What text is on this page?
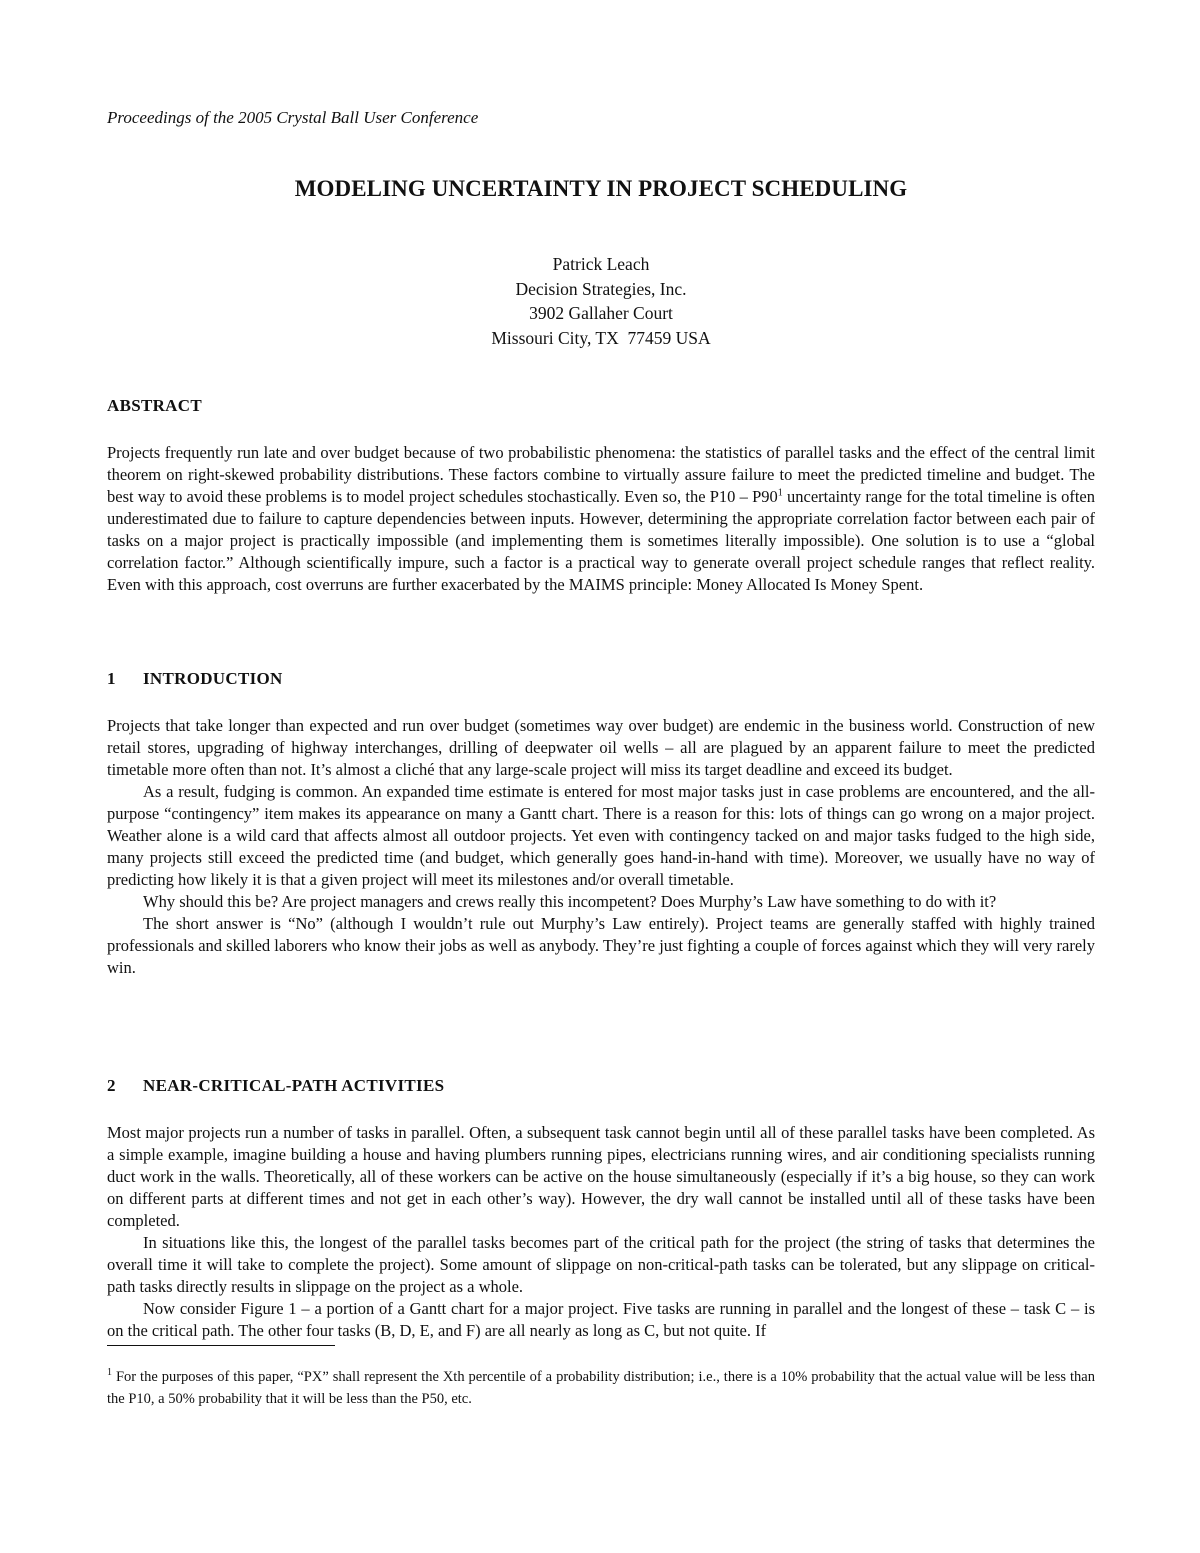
Proceedings of the 2005 Crystal Ball User Conference
MODELING UNCERTAINTY IN PROJECT SCHEDULING
Patrick Leach
Decision Strategies, Inc.
3902 Gallaher Court
Missouri City, TX  77459 USA
ABSTRACT

Projects frequently run late and over budget because of two probabilistic phenomena: the statistics of parallel tasks and the effect of the central limit theorem on right-skewed probability distributions. These factors combine to virtually assure failure to meet the predicted timeline and budget. The best way to avoid these problems is to model project schedules stochastically. Even so, the $P10 - P90^1$ uncertainty range for the total timeline is often underestimated due to failure to capture dependencies between inputs. However, determining the appropriate correlation factor between each pair of tasks on a major project is practically impossible (and implementing them is sometimes literally impossible). One solution is to use a “global correlation factor.” Although scientifically impure, such a factor is a practical way to generate overall project schedule ranges that reflect reality. Even with this approach, cost overruns are further exacerbated by the MAIMS principle: Money Allocated Is Money Spent.

1 INTRODUCTION

Projects that take longer than expected and run over budget (sometimes way over budget) are endemic in the business world. Construction of new retail stores, upgrading of highway interchanges, drilling of deepwater oil wells – all are plagued by an apparent failure to meet the predicted timetable more often than not. It’s almost a cliché that any large-scale project will miss its target deadline and exceed its budget.

As a result, fudging is common. An expanded time estimate is entered for most major tasks just in case problems are encountered, and the all-purpose “contingency” item makes its appearance on many a Gantt chart. There is a reason for this: lots of things can go wrong on a major project. Weather alone is a wild card that affects almost all outdoor projects. Yet even with contingency tacked on and major tasks fudged to the high side, many projects still exceed the predicted time (and budget, which generally goes hand-in-hand with time). Moreover, we usually have no way of predicting how likely it is that a given project will meet its milestones and/or overall timetable.

Why should this be? Are project managers and crews really this incompetent? Does Murphy’s Law have something to do with it?

The short answer is “No” (although I wouldn’t rule out Murphy’s Law entirely). Project teams are generally staffed with highly trained professionals and skilled laborers who know their jobs as well as anybody. They’re just fighting a couple of forces against which they will very rarely win.

2 NEAR-CRITICAL-PATH ACTIVITIES

Most major projects run a number of tasks in parallel. Often, a subsequent task cannot begin until all of these parallel tasks have been completed. As a simple example, imagine building a house and having plumbers running pipes, electricians running wires, and air conditioning specialists running duct work in the walls. Theoretically, all of these workers can be active on the house simultaneously (especially if it’s a big house, so they can work on different parts at different times and not get in each other’s way). However, the dry wall cannot be installed until all of these tasks have been completed.

In situations like this, the longest of the parallel tasks becomes part of the critical path for the project (the string of tasks that determines the overall time it will take to complete the project). Some amount of slippage on non-critical-path tasks can be tolerated, but any slippage on critical-path tasks directly results in slippage on the project as a whole.

Now consider Figure 1 – a portion of a Gantt chart for a major project. Five tasks are running in parallel and the longest of these – task C – is on the critical path. The other four tasks (B, D, E, and F) are all nearly as long as C, but not quite. If

$^1$ For the purposes of this paper, “PX” shall represent the Xth percentile of a probability distribution; i.e., there is a 10% probability that the actual value will be less than the P10, a 50% probability that it will be less than the P50, etc.
